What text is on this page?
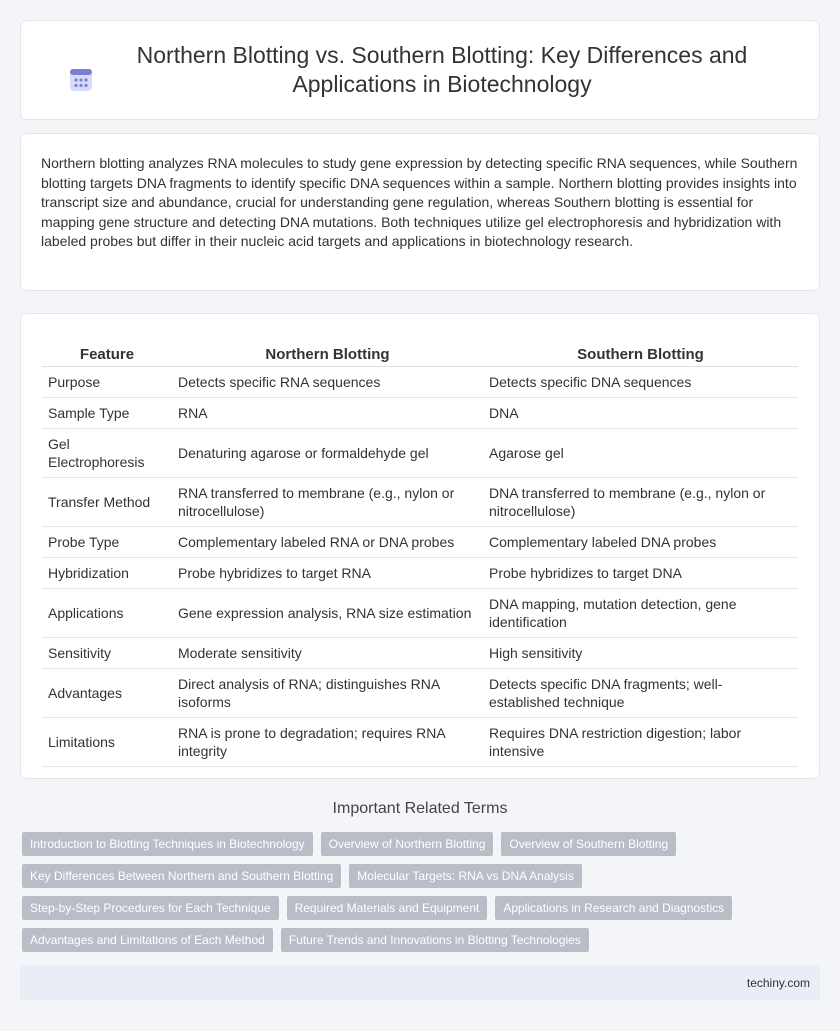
Northern Blotting vs. Southern Blotting: Key Differences and Applications in Biotechnology

Northern blotting analyzes RNA molecules to study gene expression by detecting specific RNA sequences, while Southern blotting targets DNA fragments to identify specific DNA sequences within a sample. Northern blotting provides insights into transcript size and abundance, crucial for understanding gene regulation, whereas Southern blotting is essential for mapping gene structure and detecting DNA mutations. Both techniques utilize gel electrophoresis and hybridization with labeled probes but differ in their nucleic acid targets and applications in biotechnology research.

Feature	Northern Blotting	Southern Blotting
Purpose	Detects specific RNA sequences	Detects specific DNA sequences
Sample Type	RNA	DNA
Gel Electrophoresis	Denaturing agarose or formaldehyde gel	Agarose gel
Transfer Method	RNA transferred to membrane (e.g., nylon or nitrocellulose)	DNA transferred to membrane (e.g., nylon or nitrocellulose)
Probe Type	Complementary labeled RNA or DNA probes	Complementary labeled DNA probes
Hybridization	Probe hybridizes to target RNA	Probe hybridizes to target DNA
Applications	Gene expression analysis, RNA size estimation	DNA mapping, mutation detection, gene identification
Sensitivity	Moderate sensitivity	High sensitivity
Advantages	Direct analysis of RNA; distinguishes RNA isoforms	Detects specific DNA fragments; well-established technique
Limitations	RNA is prone to degradation; requires RNA integrity	Requires DNA restriction digestion; labor intensive
Important Related Terms
Introduction to Blotting Techniques in Biotechnology	Overview of Northern Blotting	Overview of Southern Blotting
Key Differences Between Northern and Southern Blotting	Molecular Targets: RNA vs DNA Analysis
Step-by-Step Procedures for Each Technique	Required Materials and Equipment	Applications in Research and Diagnostics
Advantages and Limitations of Each Method	Future Trends and Innovations in Blotting Technologies
techiny.com
